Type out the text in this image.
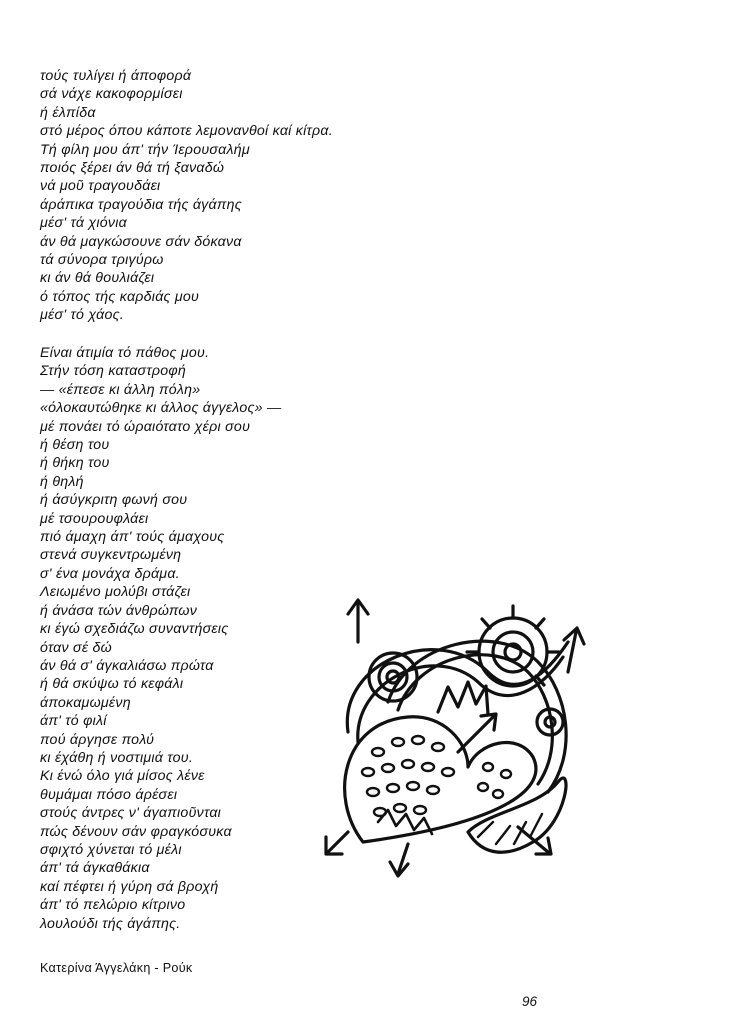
τούς τυλίγει ή άποφορά
σά νάχε κακοφορμίσει
ή έλπίδα
στό μέρος όπου κάποτε λεμονανθοί καί κίτρα.
Τή φίλη μου άπ' τήν Ίερουσαλήμ
ποιός ξέρει άν θά τή ξαναδώ
νά μοῦ τραγουδάει
άράπικα τραγούδια τής άγάπης
μέσ' τά χιόνια
άν θά μαγκώσουνε σάν δόκανα
τά σύνορα τριγύρω
κι άν θά θουλιάζει
ό τόπος τής καρδιάς μου
μέσ' τό χάος.
Είναι άτιμία τό πάθος μου.
Στήν τόση καταστροφή
— «έπεσε κι άλλη πόλη»
«όλοκαυτώθηκε κι άλλος άγγελος» —
μέ πονάει τό ώραιότατο χέρι σου
ή θέση του
ή θήκη του
ή θηλή
ή άσύγκριτη φωνή σου
μέ τσουρουφλάει
πιό άμαχη άπ' τούς άμαχους
στενά συγκεντρωμένη
σ' ένα μονάχα δράμα.
Λειωμένο μολύβι στάζει
ή άνάσα τών άνθρώπων
κι έγώ σχεδιάζω συναντήσεις
όταν σέ δώ
άν θά σ' άγκαλιάσω πρώτα
ή θά σκύψω τό κεφάλι
άποκαμωμένη
άπ' τό φιλί
πού άργησε πολύ
κι έχάθη ή νοστιμιά του.
Κι ένώ όλο γιά μίσος λένε
θυμάμαι πόσο άρέσει
στούς άντρες ν' άγαπιοῦνται
πώς δένουν σάν φραγκόσυκα
σφιχτό χύνεται τό μέλι
άπ' τά άγκαθάκια
καί πέφτει ή γύρη σά βροχή
άπ' τό πελώριο κίτρινο
λουλούδι τής άγάπης.
Κατερίνα Άγγελάκη - Ρούκ
96
